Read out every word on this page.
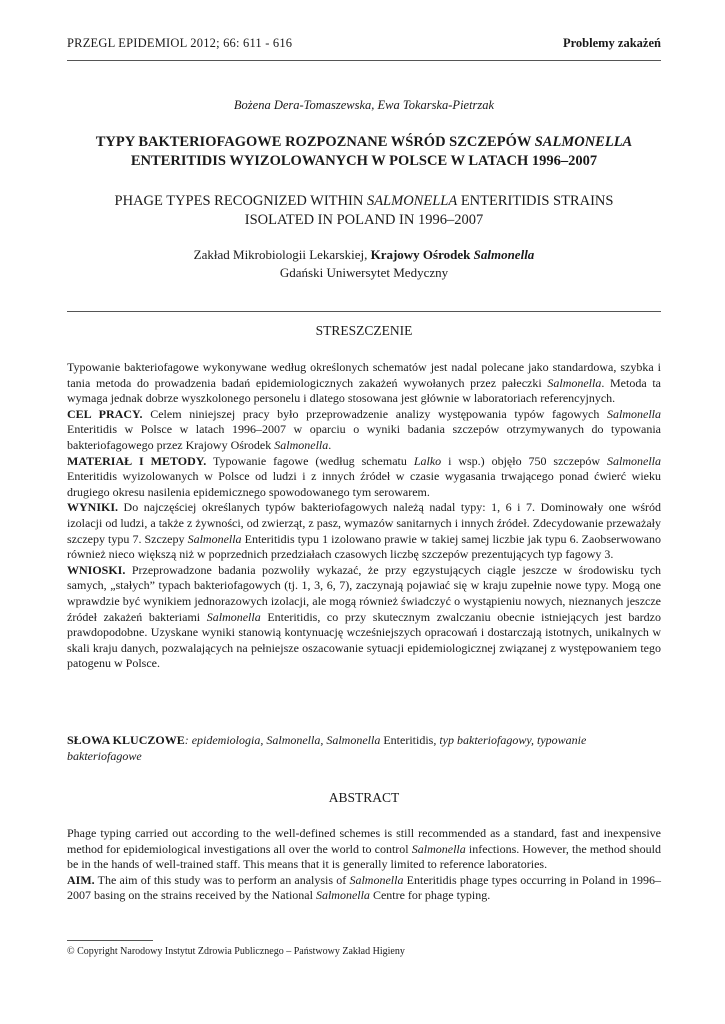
PRZEGL EPIDEMIOL 2012; 66: 611 - 616	Problemy zakażeń
Bożena Dera-Tomaszewska, Ewa Tokarska-Pietrzak
TYPY BAKTERIOFAGOWE ROZPOZNANE WŚRÓD SZCZEPÓW SALMONELLA
ENTERITIDIS WYIZOLOWANYCH W POLSCE W LATACH 1996–2007
PHAGE TYPES RECOGNIZED WITHIN SALMONELLA ENTERITIDIS STRAINS
ISOLATED IN POLAND IN 1996–2007
Zakład Mikrobiologii Lekarskiej, Krajowy Ośrodek Salmonella
Gdański Uniwersytet Medyczny
STRESZCZENIE

Typowanie bakteriofagowe wykonywane według określonych schematów jest nadal polecane jako standardowa, szybka i tania metoda do prowadzenia badań epidemiologicznych zakażeń wywołanych przez pałeczki Salmonella. Metoda ta wymaga jednak dobrze wyszkolonego personelu i dlatego stosowana jest głównie w laboratoriach referencyjnych.

CEL PRACY. Celem niniejszej pracy było przeprowadzenie analizy występowania typów fagowych Salmonella Enteritidis w Polsce w latach 1996–2007 w oparciu o wyniki badania szczepów otrzymywanych do typowania bakteriofagowego przez Krajowy Ośrodek Salmonella.

MATERIAŁ I METODY. Typowanie fagowe (według schematu Lalko i wsp.) objęło 750 szczepów Salmonella Enteritidis wyizolowanych w Polsce od ludzi i z innych źródeł w czasie wygasania trwającego ponad ćwierć wieku drugiego okresu nasilenia epidemicznego spowodowanego tym serowarem.

WYNIKI. Do najczęściej określanych typów bakteriofagowych należą nadal typy: 1, 6 i 7. Dominowały one wśród izolacji od ludzi, a także z żywności, od zwierząt, z pasz, wymazów sanitarnych i innych źródeł. Zdecydowanie przeważały szczepy typu 7. Szczepy Salmonella Enteritidis typu 1 izolowano prawie w takiej samej liczbie jak typu 6. Zaobserwowano również nieco większą niż w poprzednich przedziałach czasowych liczbę szczepów prezentujących typ fagowy 3.

WNIOSKI. Przeprowadzone badania pozwoliły wykazać, że przy egzystujących ciągle jeszcze w środowisku tych samych, „stałych” typach bakteriofagowych (tj. 1, 3, 6, 7), zaczynają pojawiać się w kraju zupełnie nowe typy. Mogą one wprawdzie być wynikiem jednorazowych izolacji, ale mogą również świadczyć o wystąpieniu nowych, nieznanych jeszcze źródeł zakażeń bakteriami Salmonella Enteritidis, co przy skutecznym zwalczaniu obecnie istniejących jest bardzo prawdopodobne. Uzyskane wyniki stanowią kontynuację wcześniejszych opracowań i dostarczają istotnych, unikalnych w skali kraju danych, pozwalających na pełniejsze oszacowanie sytuacji epidemiologicznej związanej z występowaniem tego patogenu w Polsce.

SŁOWA KLUCZOWE: epidemiologia, Salmonella, Salmonella Enteritidis, typ bakteriofagowy, typowanie bakteriofagowe
ABSTRACT

Phage typing carried out according to the well-defined schemes is still recommended as a standard, fast and inexpensive method for epidemiological investigations all over the world to control Salmonella infections. However, the method should be in the hands of well-trained staff. This means that it is generally limited to reference laboratories.

AIM. The aim of this study was to perform an analysis of Salmonella Enteritidis phage types occurring in Poland in 1996–2007 basing on the strains received by the National Salmonella Centre for phage typing.

© Copyright Narodowy Instytut Zdrowia Publicznego – Państwowy Zakład Higieny
